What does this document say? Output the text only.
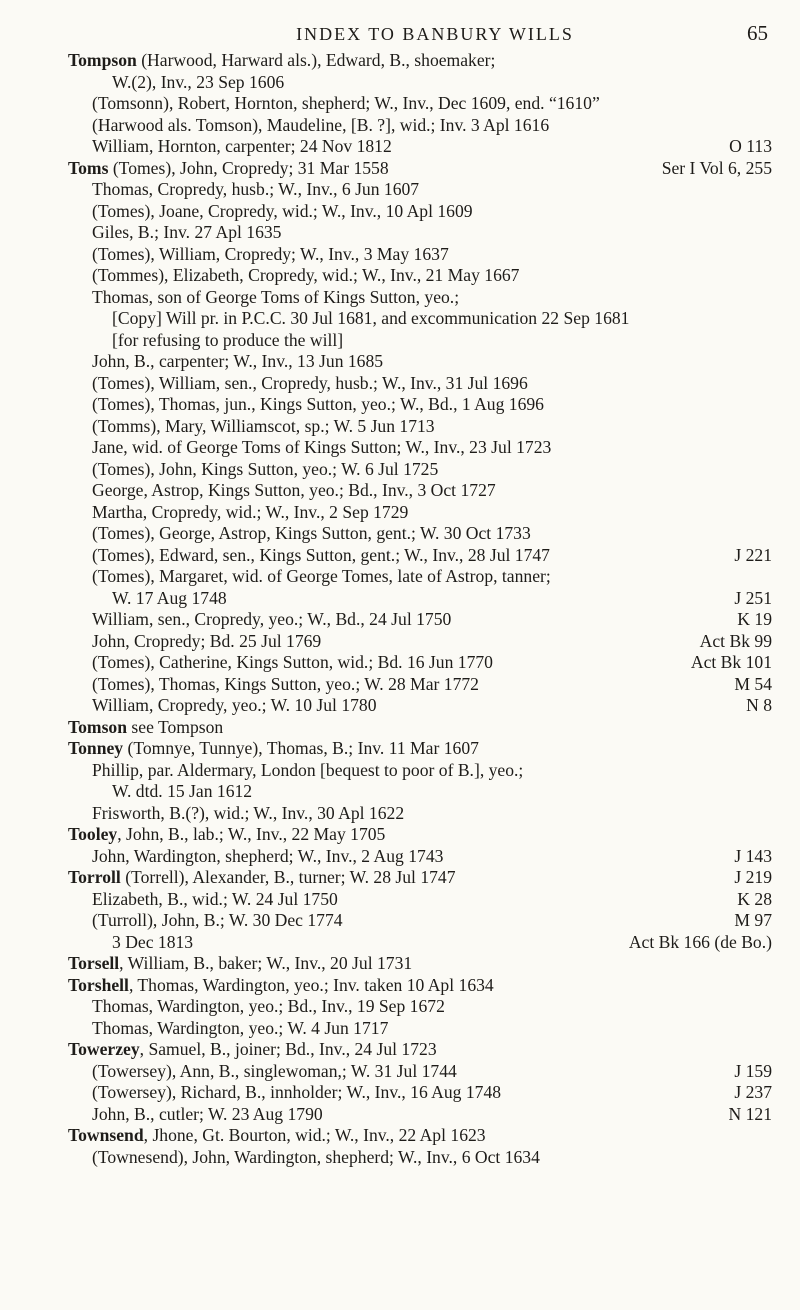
INDEX TO BANBURY WILLS	65
Tompson (Harwood, Harward als.), Edward, B., shoemaker;
W.(2), Inv., 23 Sep 1606
(Tomsonn), Robert, Hornton, shepherd; W., Inv., Dec 1609, end. “1610”
(Harwood als. Tomson), Maudeline, [B. ?], wid.; Inv. 3 Apl 1616
William, Hornton, carpenter; 24 Nov 1812	O 113
Toms (Tomes), John, Cropredy; 31 Mar 1558	Ser I Vol 6, 255
Thomas, Cropredy, husb.; W., Inv., 6 Jun 1607
(Tomes), Joane, Cropredy, wid.; W., Inv., 10 Apl 1609
Giles, B.; Inv. 27 Apl 1635
(Tomes), William, Cropredy; W., Inv., 3 May 1637
(Tommes), Elizabeth, Cropredy, wid.; W., Inv., 21 May 1667
Thomas, son of George Toms of Kings Sutton, yeo.;
[Copy] Will pr. in P.C.C. 30 Jul 1681, and excommunication 22 Sep 1681
[for refusing to produce the will]
John, B., carpenter; W., Inv., 13 Jun 1685
(Tomes), William, sen., Cropredy, husb.; W., Inv., 31 Jul 1696
(Tomes), Thomas, jun., Kings Sutton, yeo.; W., Bd., 1 Aug 1696
(Tomms), Mary, Williamscot, sp.; W. 5 Jun 1713
Jane, wid. of George Toms of Kings Sutton; W., Inv., 23 Jul 1723
(Tomes), John, Kings Sutton, yeo.; W. 6 Jul 1725
George, Astrop, Kings Sutton, yeo.; Bd., Inv., 3 Oct 1727
Martha, Cropredy, wid.; W., Inv., 2 Sep 1729
(Tomes), George, Astrop, Kings Sutton, gent.; W. 30 Oct 1733
(Tomes), Edward, sen., Kings Sutton, gent.; W., Inv., 28 Jul 1747	J 221
(Tomes), Margaret, wid. of George Tomes, late of Astrop, tanner;
W. 17 Aug 1748	J 251
William, sen., Cropredy, yeo.; W., Bd., 24 Jul 1750	K 19
John, Cropredy; Bd. 25 Jul 1769	Act Bk 99
(Tomes), Catherine, Kings Sutton, wid.; Bd. 16 Jun 1770	Act Bk 101
(Tomes), Thomas, Kings Sutton, yeo.; W. 28 Mar 1772	M 54
William, Cropredy, yeo.; W. 10 Jul 1780	N 8
Tomson see Tompson
Tonney (Tomnye, Tunnye), Thomas, B.; Inv. 11 Mar 1607
Phillip, par. Aldermary, London [bequest to poor of B.], yeo.;
W. dtd. 15 Jan 1612
Frisworth, B.(?), wid.; W., Inv., 30 Apl 1622
Tooley, John, B., lab.; W., Inv., 22 May 1705
John, Wardington, shepherd; W., Inv., 2 Aug 1743	J 143
Torroll (Torrell), Alexander, B., turner; W. 28 Jul 1747	J 219
Elizabeth, B., wid.; W. 24 Jul 1750	K 28
(Turroll), John, B.; W. 30 Dec 1774	M 97
3 Dec 1813	Act Bk 166 (de Bo.)
Torsell, William, B., baker; W., Inv., 20 Jul 1731
Torshell, Thomas, Wardington, yeo.; Inv. taken 10 Apl 1634
Thomas, Wardington, yeo.; Bd., Inv., 19 Sep 1672
Thomas, Wardington, yeo.; W. 4 Jun 1717
Towerzey, Samuel, B., joiner; Bd., Inv., 24 Jul 1723
(Towersey), Ann, B., singlewoman,; W. 31 Jul 1744	J 159
(Towersey), Richard, B., innholder; W., Inv., 16 Aug 1748	J 237
John, B., cutler; W. 23 Aug 1790	N 121
Townsend, Jhone, Gt. Bourton, wid.; W., Inv., 22 Apl 1623
(Townesend), John, Wardington, shepherd; W., Inv., 6 Oct 1634
